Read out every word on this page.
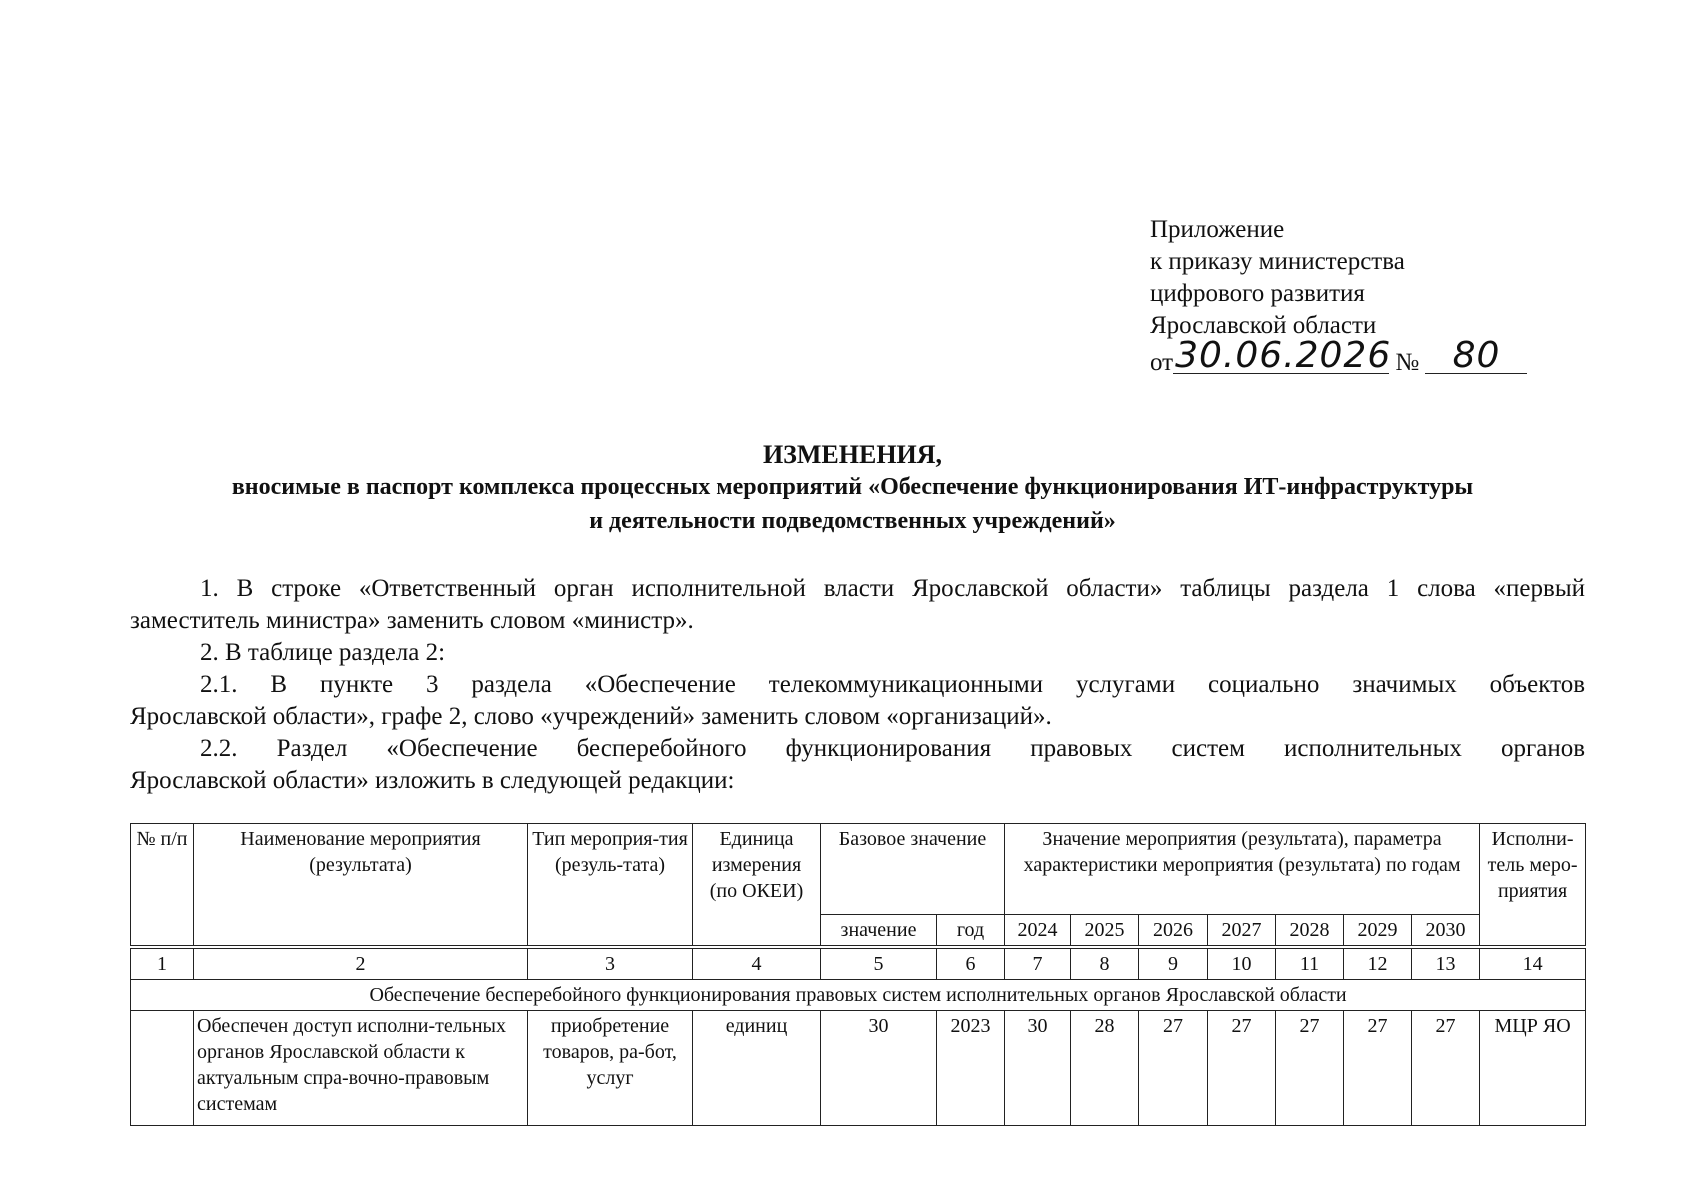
Приложение
к приказу министерства
цифрового развития
Ярославской области
от30.06.2026 № 80
ИЗМЕНЕНИЯ,
вносимые в паспорт комплекса процессных мероприятий «Обеспечение функционирования ИТ-инфраструктуры
и деятельности подведомственных учреждений»
1. В строке «Ответственный орган исполнительной власти Ярославской области» таблицы раздела 1 слова «первый
заместитель министра» заменить словом «министр».
2. В таблице раздела 2:
2.1. В пункте 3 раздела «Обеспечение телекоммуникационными услугами социально значимых объектов
Ярославской области», графе 2, слово «учреждений» заменить словом «организаций».
2.2. Раздел «Обеспечение бесперебойного функционирования правовых систем исполнительных органов
Ярославской области» изложить в следующей редакции:
№ п/п	Наименование мероприятия (результата)	Тип мероприя-тия (резуль-тата)	Единица измерения (по ОКЕИ)	Базовое значение		Значение мероприятия (результата), параметра характеристики мероприятия (результата) по годам							Исполни-тель меро-приятия
				значение	год	2024	2025	2026	2027	2028	2029	2030	

1	2	3	4	5	6	7	8	9	10	11	12	13	14
Обеспечение бесперебойного функционирования правовых систем исполнительных органов Ярославской области													
	Обеспечен доступ исполни-тельных органов Ярославской области к актуальным спра-вочно-правовым системам	приобретение товаров, ра-бот, услуг	единиц	30	2023	30	28	27	27	27	27	27	МЦР ЯО
